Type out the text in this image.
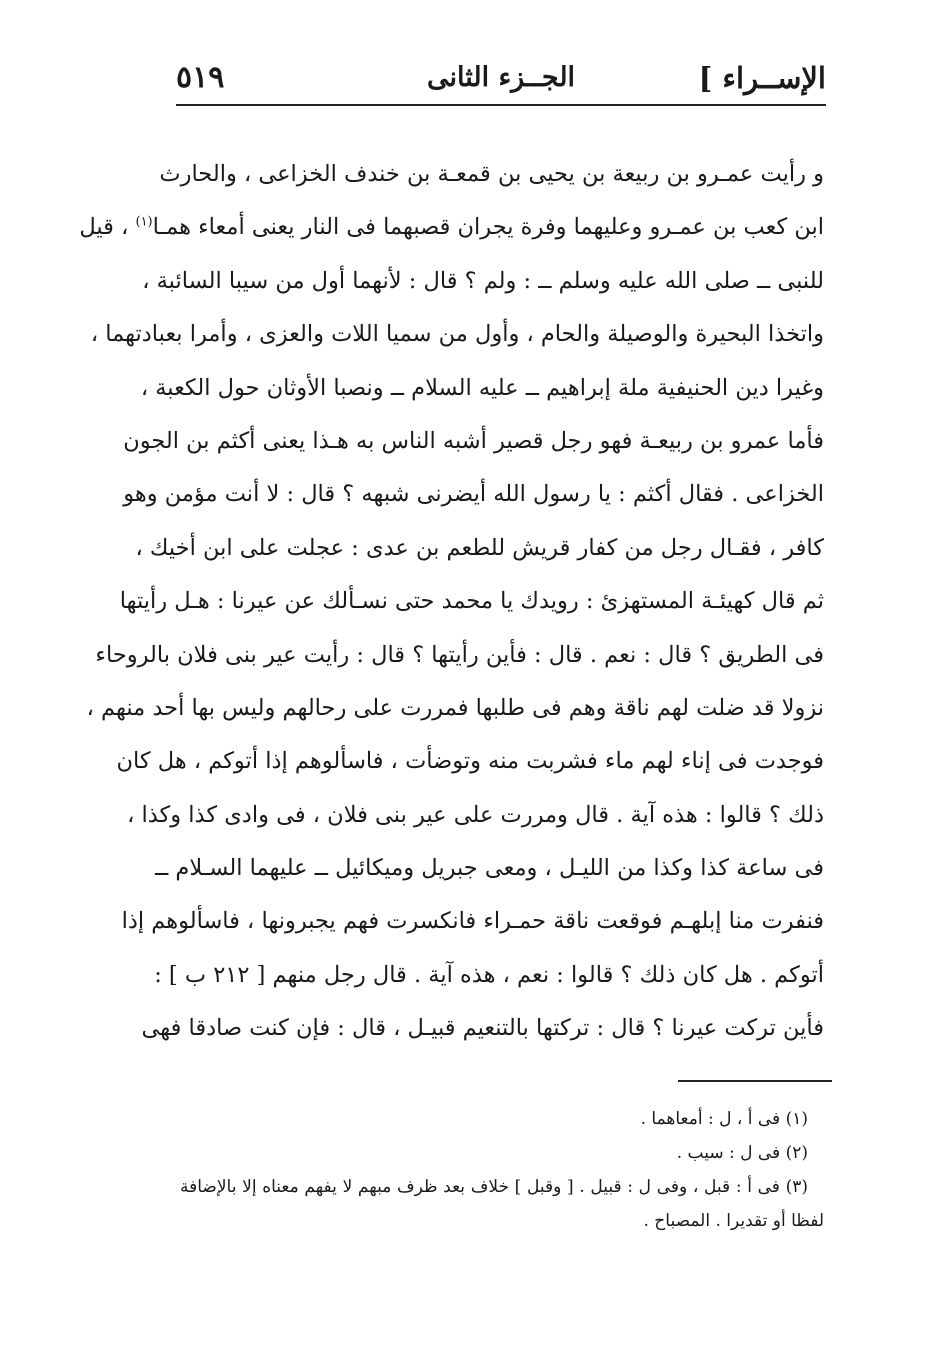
الإســراء ]
الجــزء الثانى
٥١٩
و رأيت عمـرو بن ربيعة بن يحيى بن قمعـة بن خندف الخزاعى ، والحارث
ابن كعب بن عمـرو وعليهما وفرة يجران قصبهما فى النار يعنى أمعاء همـا$^{(١)}$ ، قيل
للنبى ــ صلى الله عليه وسلم ــ : ولم ؟ قال : لأنهما أول من سيبا السائبة ،
واتخذا البحيرة والوصيلة والحام ، وأول من سميا اللات والعزى ، وأمرا بعبادتهما ،
وغيرا دين الحنيفية ملة إبراهيم ــ عليه السلام ــ ونصبا الأوثان حول الكعبة ،
فأما عمرو بن ربيعـة فهو رجل قصير أشبه الناس به هـذا يعنى أكثم بن الجون
الخزاعى . فقال أكثم : يا رسول الله أيضرنى شبهه ؟ قال : لا أنت مؤمن وهو
كافر ، فقـال رجل من كفار قريش للطعم بن عدى : عجلت على ابن أخيك ،
ثم قال كهيئـة المستهزئ : رويدك يا محمد حتى نسـألك عن عيرنا : هـل رأيتها
فى الطريق ؟ قال : نعم . قال : فأين رأيتها ؟ قال : رأيت عير بنى فلان بالروحاء
نزولا قد ضلت لهم ناقة وهم فى طلبها فمررت على رحالهم وليس بها أحد منهم ،
فوجدت فى إناء لهم ماء فشربت منه وتوضأت ، فاسألوهم إذا أتوكم ، هل كان
ذلك ؟ قالوا : هذه آية . قال ومررت على عير بنى فلان ، فى وادى كذا وكذا ،
فى ساعة كذا وكذا من الليـل ، ومعى جبريل وميكائيل ــ عليهما السـلام ــ
فنفرت منا إبلهـم فوقعت ناقة حمـراء فانكسرت فهم يجبرونها ، فاسألوهم إذا
أتوكم . هل كان ذلك ؟ قالوا : نعم ، هذه آية . قال رجل منهم [ ٢١٢ ب ] :
فأين تركت عيرنا ؟ قال : تركتها بالتنعيم قبيـل ، قال : فإن كنت صادقا فهى
(١) فى أ ، ل : أمعاهما .
(٢) فى ل : سيب .
(٣) فى أ : قبل ، وفى ل : قبيل . [ وقبل ] خلاف بعد ظرف مبهم لا يفهم معناه إلا بالإضافة
لفظا أو تقديرا . المصباح .
